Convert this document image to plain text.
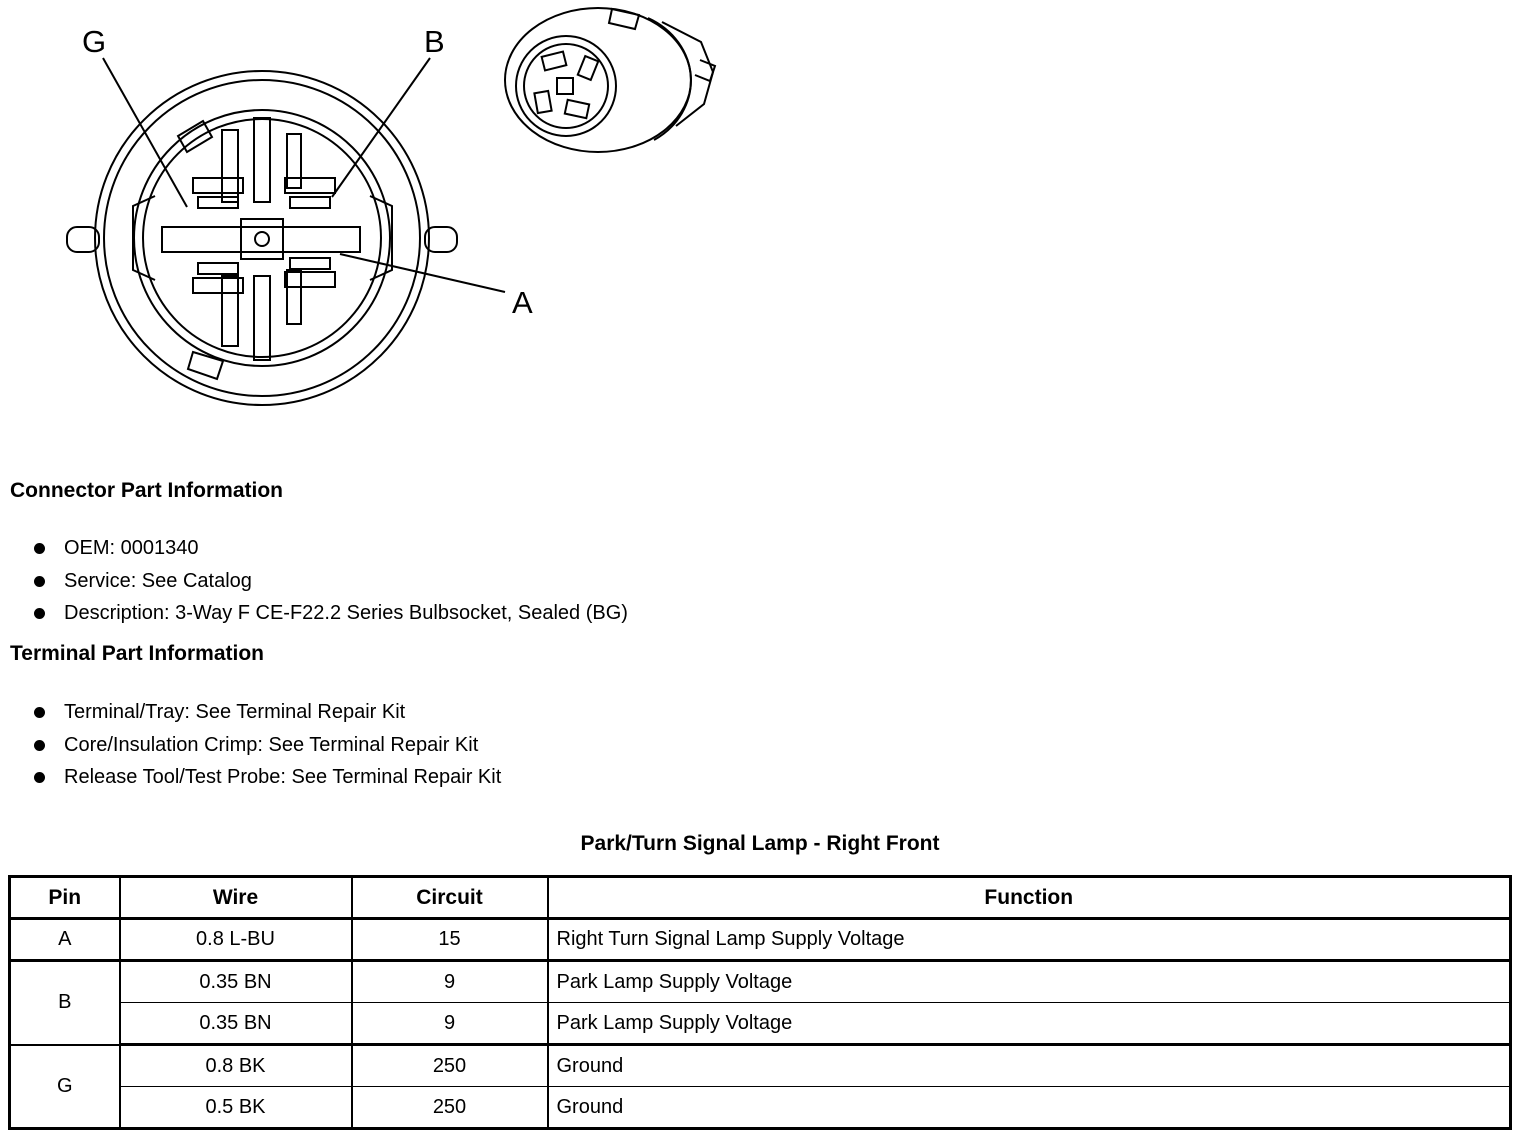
G	B
A
Connector Part Information
OEM: 0001340
Service: See Catalog
Description: 3-Way F CE-F22.2 Series Bulbsocket, Sealed (BG)
Terminal Part Information
Terminal/Tray: See Terminal Repair Kit
Core/Insulation Crimp: See Terminal Repair Kit
Release Tool/Test Probe: See Terminal Repair Kit
Park/Turn Signal Lamp - Right Front
Pin	Wire	Circuit	Function
A	0.8 L-BU	15	Right Turn Signal Lamp Supply Voltage
B	0.35 BN	9	Park Lamp Supply Voltage
	0.35 BN	9	Park Lamp Supply Voltage
G	0.8 BK	250	Ground
	0.5 BK	250	Ground
